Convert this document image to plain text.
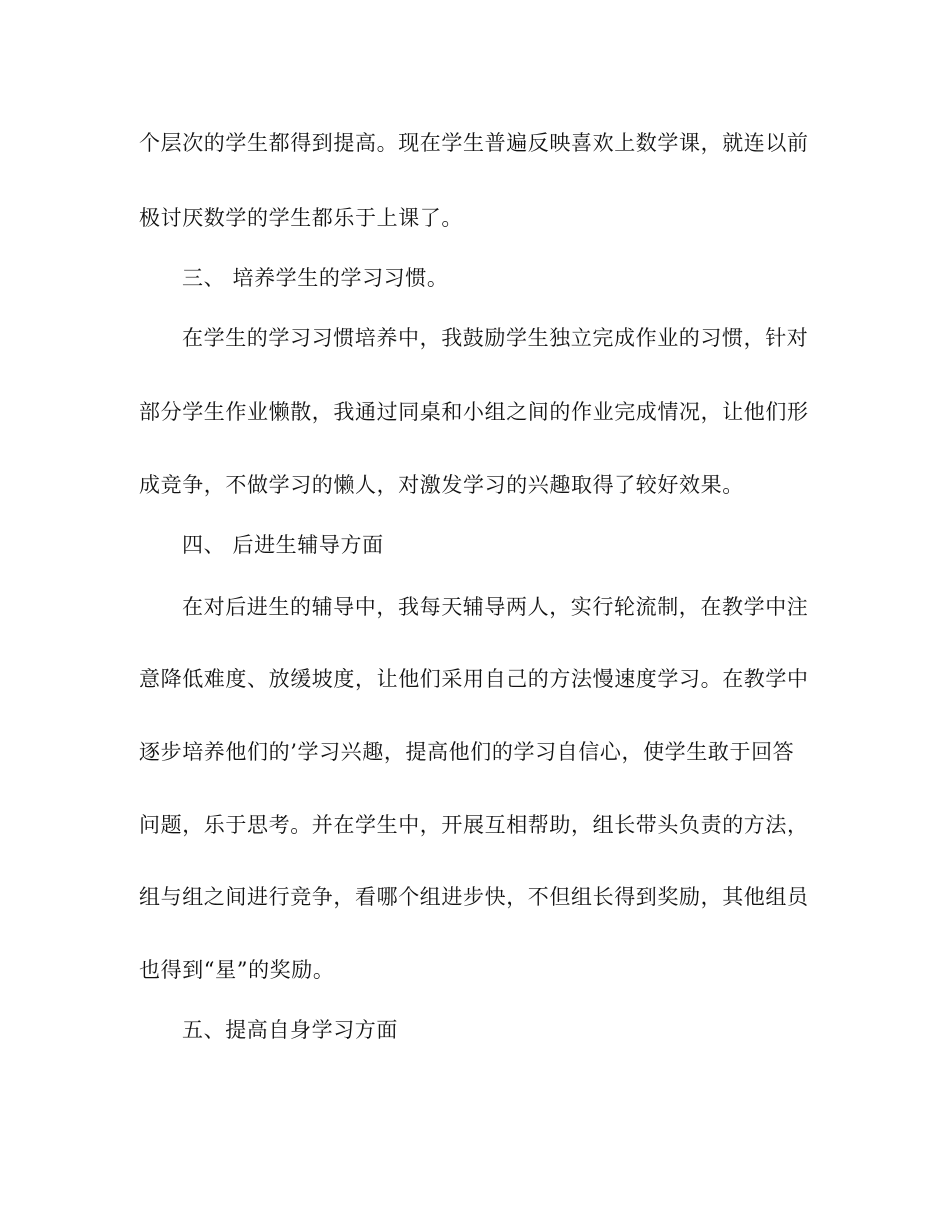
个层次的学生都得到提高。现在学生普遍反映喜欢上数学课，就连以前
极讨厌数学的学生都乐于上课了。
三、 培养学生的学习习惯。
在学生的学习习惯培养中，我鼓励学生独立完成作业的习惯，针对
部分学生作业懒散，我通过同桌和小组之间的作业完成情况，让他们形
成竞争，不做学习的懒人，对激发学习的兴趣取得了较好效果。
四、 后进生辅导方面
在对后进生的辅导中，我每天辅导两人，实行轮流制，在教学中注
意降低难度、放缓坡度，让他们采用自己的方法慢速度学习。在教学中
逐步培养他们的’学习兴趣，提高他们的学习自信心，使学生敢于回答
问题，乐于思考。并在学生中，开展互相帮助，组长带头负责的方法，
组与组之间进行竞争，看哪个组进步快，不但组长得到奖励，其他组员
也得到“星”的奖励。
五、提高自身学习方面
